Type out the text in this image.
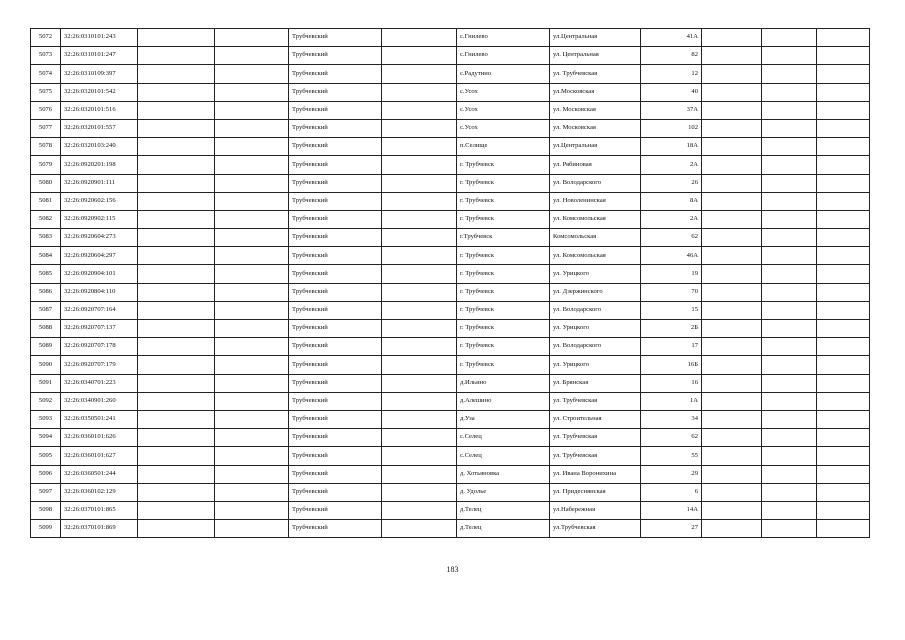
5072	32:26:0310101:243			Трубчевский		с.Гнилево	ул.Центральная	41А			
5073	32:26:0310101:247			Трубчевский		с.Гнилево	ул. Центральная	82			
5074	32:26:0310109:397			Трубчевский		с.Радутино	ул. Трубчевская	12			
5075	32:26:0320101:542			Трубчевский		с.Усох	ул.Московская	40			
5076	32:26:0320101:516			Трубчевский		с.Усох	ул. Московская	37А			
5077	32:26:0320101:557			Трубчевский		с.Усох	ул. Московская	102			
5078	32:26:0320103:240			Трубчевский		п.Селище	ул.Центральная	18А			
5079	32:26:0920201:198			Трубчевский		г. Трубчевск	ул. Рябиновая	2А			
5080	32:26:0920901:111			Трубчевский		г. Трубчевск	ул. Володарского	26			
5081	32:26:0920602:156			Трубчевский		г. Трубчевск	ул. Новоленинская	8А			
5082	32:26:0920902:115			Трубчевский		г. Трубчевск	ул. Комсомольская	2А			
5083	32:26:0920604:273			Трубчевский		г.Трубчевск	Комсомольская	62			
5084	32:26:0920604:297			Трубчевский		г. Трубчевск	ул. Комсомольская	46А			
5085	32:26:0920904:101			Трубчевский		г. Трубчевск	ул. Урицкого	19			
5086	32:26:0920804:110			Трубчевский		г. Трубчевск	ул. Дзержинского	70			
5087	32:26:0920707:164			Трубчевский		г. Трубчевск	ул. Володарского	15			
5088	32:26:0920707:137			Трубчевский		г. Трубчевск	ул. Урицкого	2Б			
5089	32:26:0920707:178			Трубчевский		г. Трубчевск	ул. Володарского	17			
5090	32:26:0920707:179			Трубчевский		г. Трубчевск	ул. Урицкого	16Б			
5091	32:26:0340701:223			Трубчевский		д.Ильино	ул. Брянская	16			
5092	32:26:0340901:260			Трубчевский		д.Алешино	ул. Трубчевская	1А			
5093	32:26:0350501:241			Трубчевский		д.Уза	ул. Строительная	34			
5094	32:26:0360101:626			Трубчевский		с.Селец	ул. Трубчевская	62			
5095	32:26:0360101:627			Трубчевский		с.Селец	ул. Трубчевская	55			
5096	32:26:0360501:244			Трубчевский		д. Хотьяновка	ул. Ивана Воронихина	29			
5097	32:26:0360102:129			Трубчевский		д. Удолье	ул. Придеснянская	6			
5098	32:26:0370101:865			Трубчевский		д.Телец	ул.Набережная	14А			
5099	32:26:0370101:869			Трубчевский		д.Телец	ул.Трубчевская	27			
183
